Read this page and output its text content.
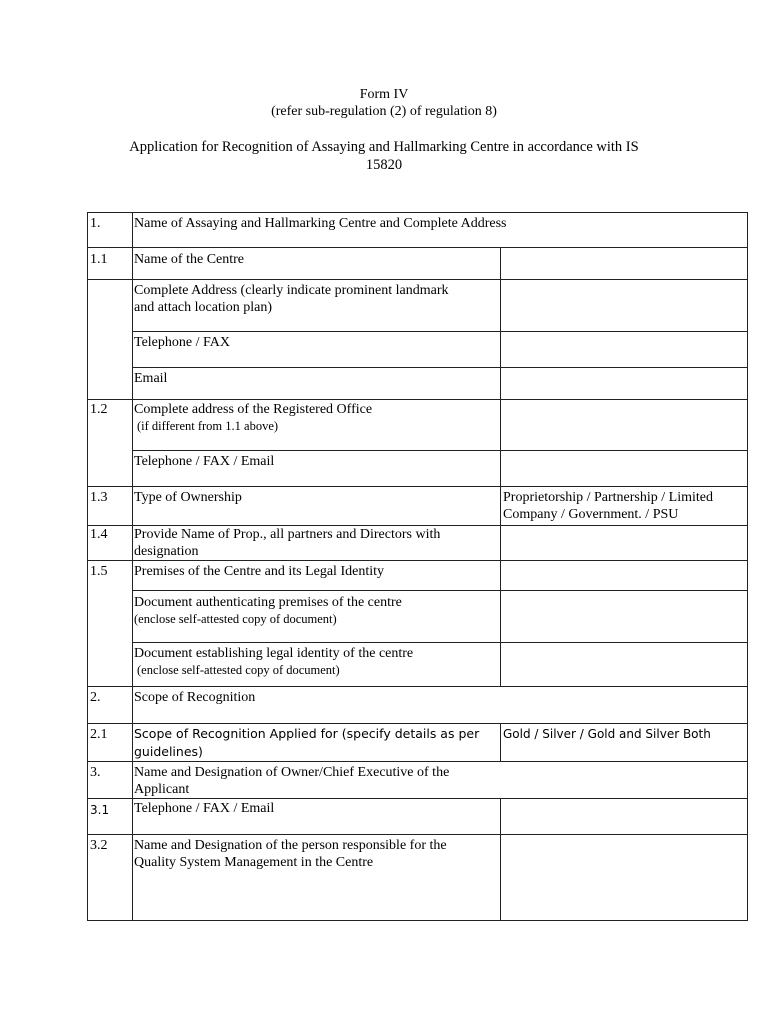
Form IV
(refer sub-regulation (2) of regulation 8)
Application for Recognition of Assaying and Hallmarking Centre in accordance with IS
15820
1. Name of Assaying and Hallmarking Centre and Complete Address
1.1 Name of the Centre
Complete Address (clearly indicate prominent landmark
and attach location plan)
Telephone / FAX
Email
1.2 Complete address of the Registered Office
(if different from 1.1 above)
Telephone / FAX / Email
1.3 Type of Ownership	Proprietorship / Partnership / Limited
Company / Government. / PSU
1.4 Provide Name of Prop., all partners and Directors with
designation
1.5 Premises of the Centre and its Legal Identity
Document authenticating premises of the centre
(enclose self-attested copy of document)
Document establishing legal identity of the centre
(enclose self-attested copy of document)
2. Scope of Recognition
2.1 Scope of Recognition Applied for (specify details as per
guidelines)
Gold / Silver / Gold and Silver Both
3. Name and Designation of Owner/Chief Executive of the
Applicant
3.1 Telephone / FAX / Email
3.2 Name and Designation of the person responsible for the
Quality System Management in the Centre
